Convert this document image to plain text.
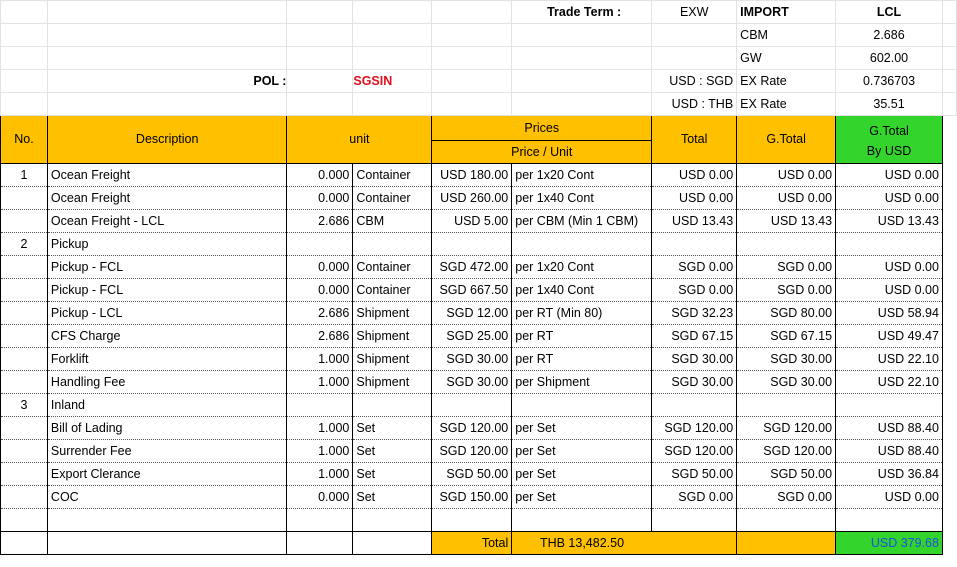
					Trade Term :	EXW	IMPORT	LCL	
							CBM	2.686	
							GW	602.00	
	POL :		SGSIN			USD : SGD	EX Rate	0.736703	
						USD : THB	EX Rate	35.51	
No.	Description	unit		Prices		Total	G.Total	G.Total	
				Price / Unit				By USD	
1	Ocean Freight	0.000	Container	USD 180.00	per 1x20 Cont	USD 0.00	USD 0.00	USD 0.00	
	Ocean Freight	0.000	Container	USD 260.00	per 1x40 Cont	USD 0.00	USD 0.00	USD 0.00	
	Ocean Freight - LCL	2.686	CBM	USD 5.00	per CBM (Min 1 CBM)	USD 13.43	USD 13.43	USD 13.43	
2	Pickup								
	Pickup - FCL	0.000	Container	SGD 472.00	per 1x20 Cont	SGD 0.00	SGD 0.00	USD 0.00	
	Pickup - FCL	0.000	Container	SGD 667.50	per 1x40 Cont	SGD 0.00	SGD 0.00	USD 0.00	
	Pickup - LCL	2.686	Shipment	SGD 12.00	per RT (Min 80)	SGD 32.23	SGD 80.00	USD 58.94	
	CFS Charge	2.686	Shipment	SGD 25.00	per RT	SGD 67.15	SGD 67.15	USD 49.47	
	Forklift	1.000	Shipment	SGD 30.00	per RT	SGD 30.00	SGD 30.00	USD 22.10	
	Handling Fee	1.000	Shipment	SGD 30.00	per Shipment	SGD 30.00	SGD 30.00	USD 22.10	
3	Inland								
	Bill of Lading	1.000	Set	SGD 120.00	per Set	SGD 120.00	SGD 120.00	USD 88.40	
	Surrender Fee	1.000	Set	SGD 120.00	per Set	SGD 120.00	SGD 120.00	USD 88.40	
	Export Clerance	1.000	Set	SGD 50.00	per Set	SGD 50.00	SGD 50.00	USD 36.84	
	COC	0.000	Set	SGD 150.00	per Set	SGD 0.00	SGD 0.00	USD 0.00	

				Total	THB 13,482.50			USD 379.68	
